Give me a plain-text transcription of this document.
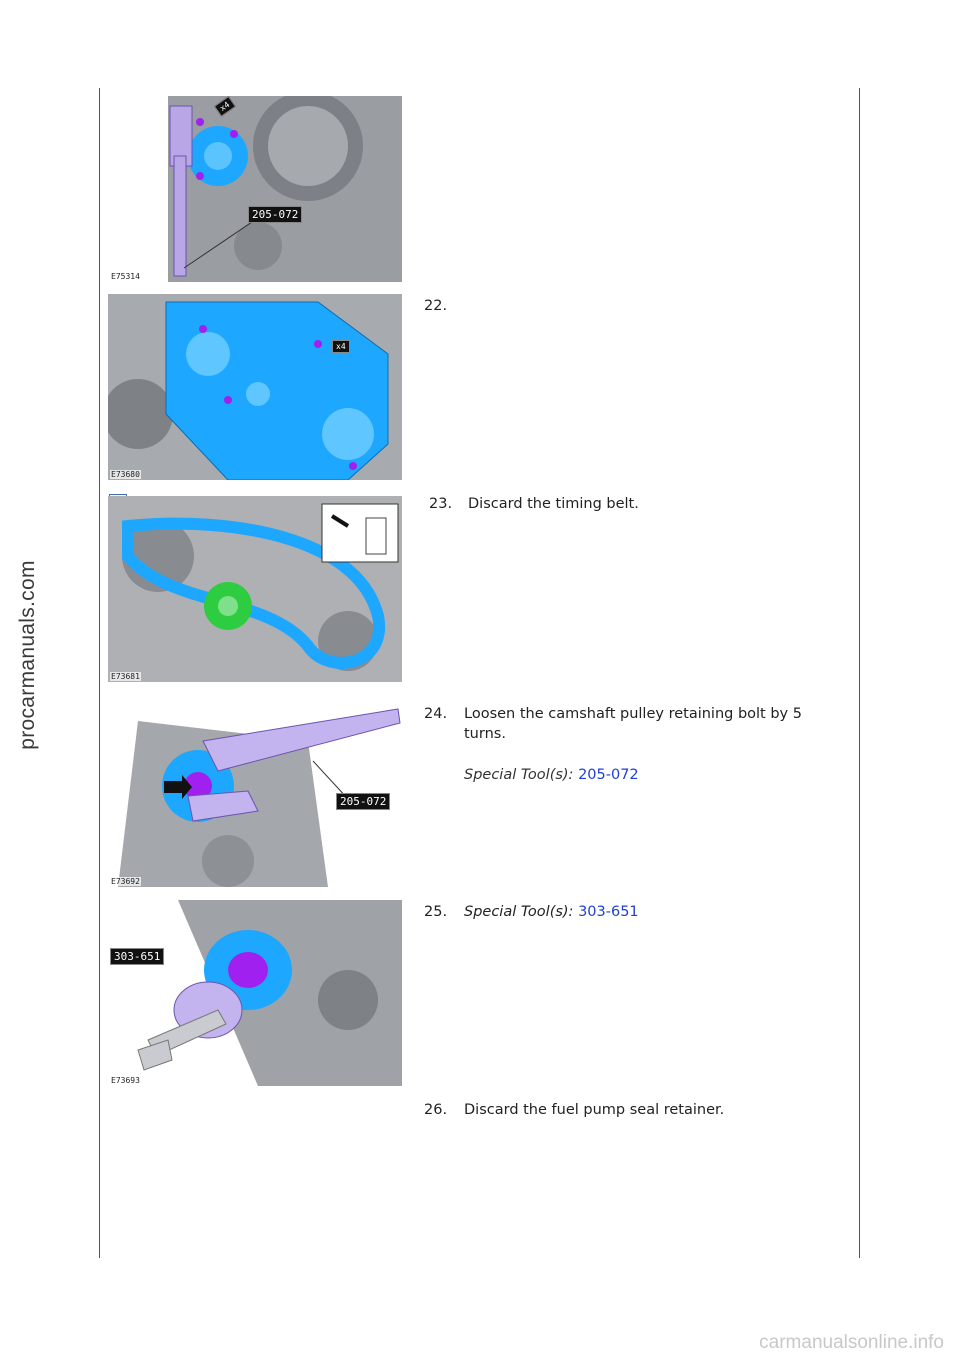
procarmanuals.com
carmanualsonline.info
205-072
x4
E75314
x4
E73680
22.
E73681
23. Discard the timing belt.
205-072
E73692
24. Loosen the camshaft pulley retaining bolt by 5 turns.
Special Tool(s): 205-072
303-651
E73693
25. Special Tool(s): 303-651
26. Discard the fuel pump seal retainer.
